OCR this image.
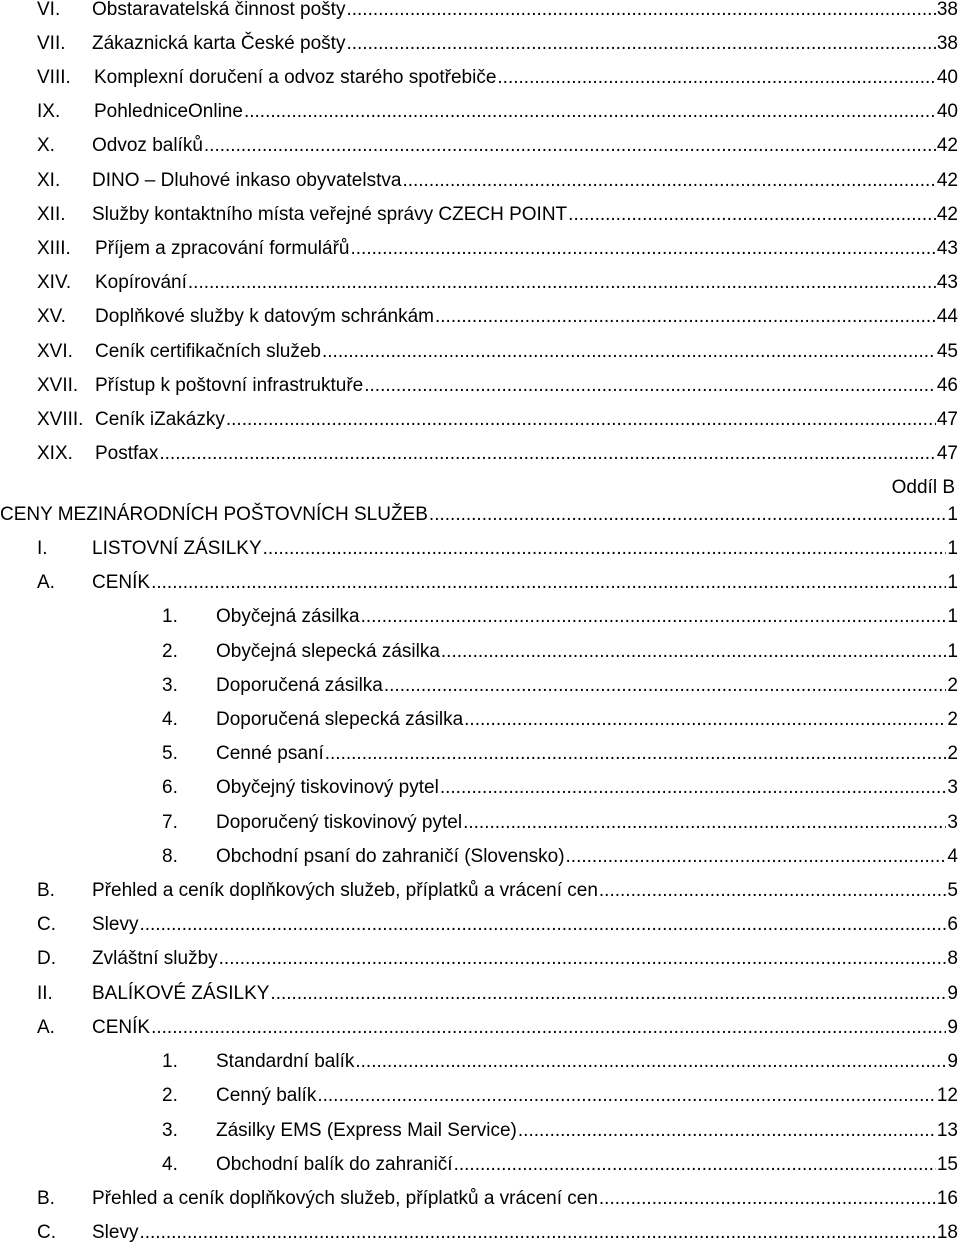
VI.	Obstaravatelská činnost pošty .....	38
VII.	Zákaznická karta České pošty .....	38
VIII.	Komplexní doručení a odvoz starého spotřebiče .....	40
IX.	PohledniceOnline .....	40
X.	Odvoz balíků .....	42
XI.	DINO – Dluhové inkaso obyvatelstva .....	42
XII.	Služby kontaktního místa veřejné správy CZECH POINT .....	42
XIII.	Příjem a zpracování formulářů .....	43
XIV.	Kopírování .....	43
XV.	Doplňkové služby k datovým schránkám .....	44
XVI.	Ceník certifikačních služeb .....	45
XVII. Přístup k poštovní infrastruktuře .....	46
XVIII. Ceník iZakázky .....	47
XIX.	Postfax .....	47
Oddíl B
CENY MEZINÁRODNÍCH POŠTOVNÍCH SLUŽEB .....	1
I.	LISTOVNÍ ZÁSILKY .....	1
A.	CENÍK .....	1
1.	Obyčejná zásilka .....	1
2.	Obyčejná slepecká zásilka .....	1
3.	Doporučená zásilka .....	2
4.	Doporučená slepecká zásilka .....	2
5.	Cenné psaní .....	2
6.	Obyčejný tiskovinový pytel .....	3
7.	Doporučený tiskovinový pytel .....	3
8.	Obchodní psaní do zahraničí (Slovensko) .....	4
B.	Přehled a ceník doplňkových služeb, příplatků a vrácení cen .....	5
C.	Slevy .....	6
D.	Zvláštní služby .....	8
II.	BALÍKOVÉ ZÁSILKY .....	9
A.	CENÍK .....	9
1.	Standardní balík .....	9
2.	Cenný balík .....	12
3.	Zásilky EMS (Express Mail Service) .....	13
4.	Obchodní balík do zahraničí .....	15
B.	Přehled a ceník doplňkových služeb, příplatků a vrácení cen .....	16
C.	Slevy .....	18
